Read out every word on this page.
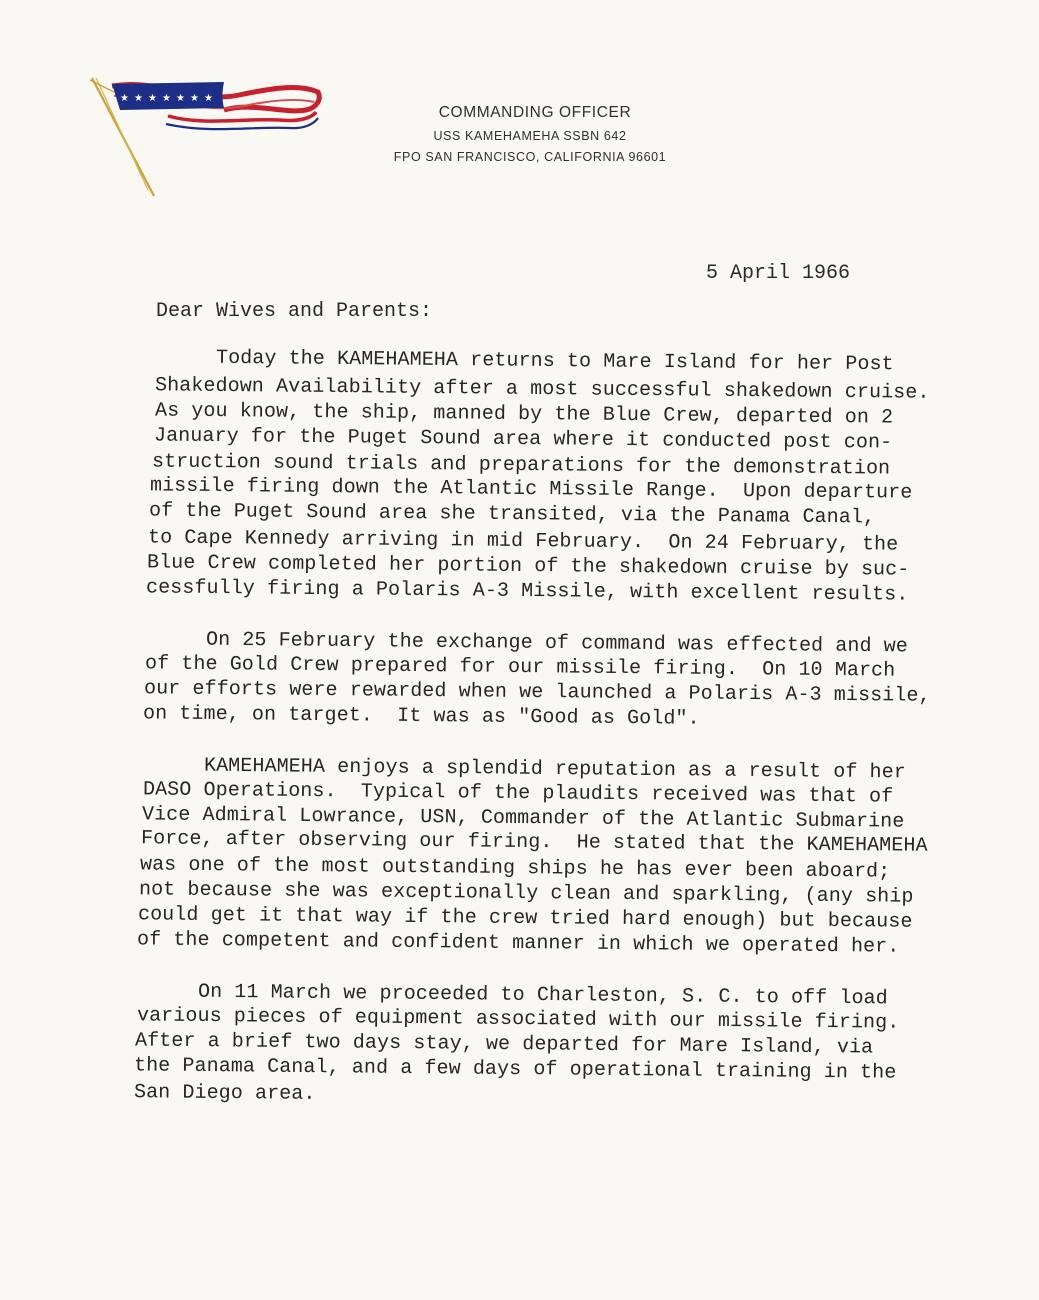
★ ★ ★ ★ ★ ★ ★
COMMANDING OFFICER
USS KAMEHAMEHA SSBN 642
FPO SAN FRANCISCO, CALIFORNIA 96601
5 April 1966
Dear Wives and Parents:
Today the KAMEHAMEHA returns to Mare Island for her Post
Shakedown Availability after a most successful shakedown cruise.
As you know, the ship, manned by the Blue Crew, departed on 2
January for the Puget Sound area where it conducted post con-
struction sound trials and preparations for the demonstration
missile firing down the Atlantic Missile Range.  Upon departure
of the Puget Sound area she transited, via the Panama Canal,
to Cape Kennedy arriving in mid February.  On 24 February, the
Blue Crew completed her portion of the shakedown cruise by suc-
cessfully firing a Polaris A-3 Missile, with excellent results.
On 25 February the exchange of command was effected and we
of the Gold Crew prepared for our missile firing.  On 10 March
our efforts were rewarded when we launched a Polaris A-3 missile,
on time, on target.  It was as "Good as Gold".
KAMEHAMEHA enjoys a splendid reputation as a result of her
DASO Operations.  Typical of the plaudits received was that of
Vice Admiral Lowrance, USN, Commander of the Atlantic Submarine
Force, after observing our firing.  He stated that the KAMEHAMEHA
was one of the most outstanding ships he has ever been aboard;
not because she was exceptionally clean and sparkling, (any ship
could get it that way if the crew tried hard enough) but because
of the competent and confident manner in which we operated her.
On 11 March we proceeded to Charleston, S. C. to off load
various pieces of equipment associated with our missile firing.
After a brief two days stay, we departed for Mare Island, via
the Panama Canal, and a few days of operational training in the
San Diego area.
